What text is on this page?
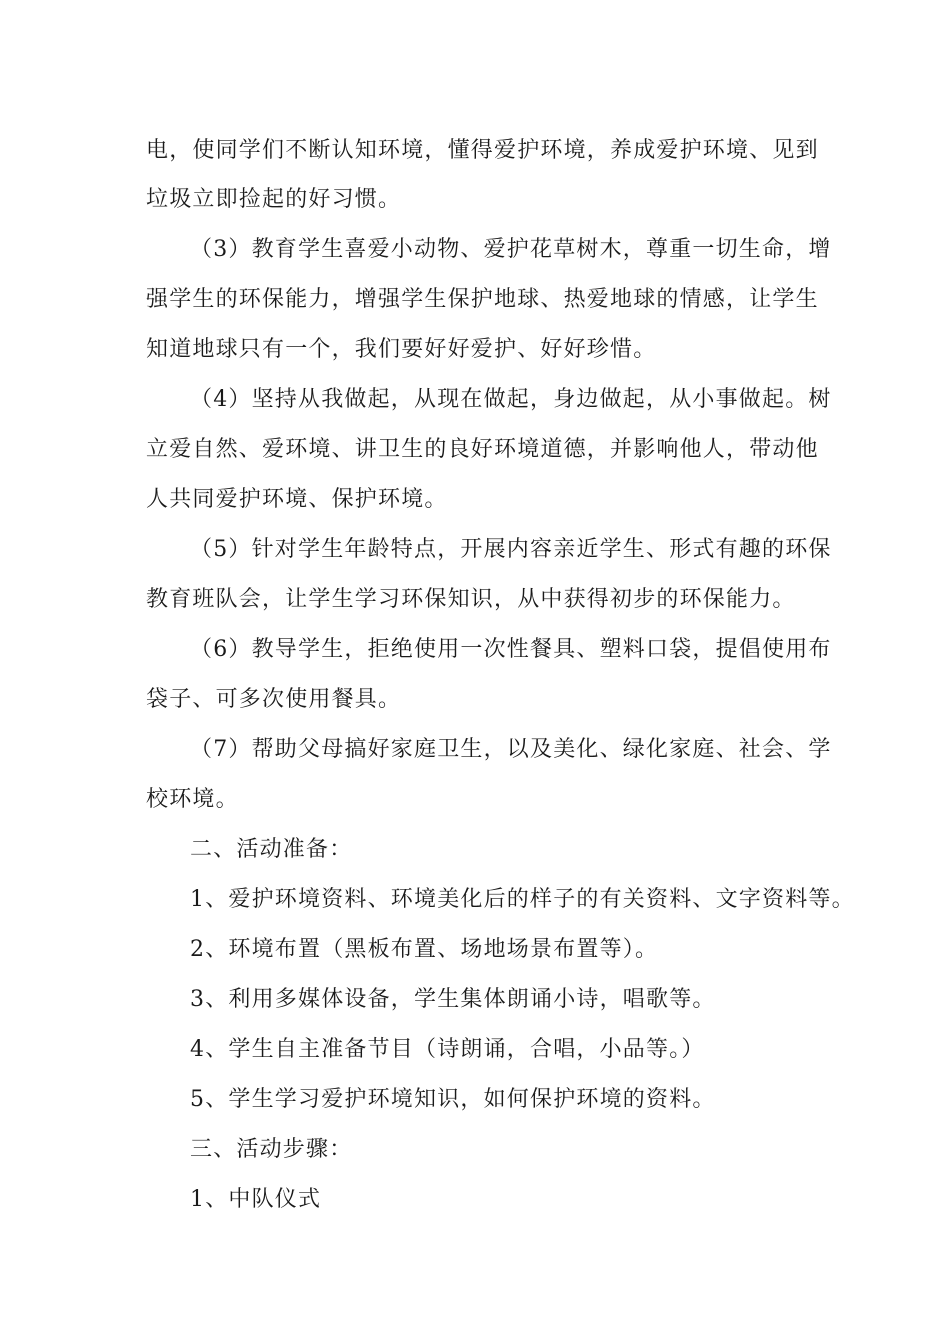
电，使同学们不断认知环境，懂得爱护环境，养成爱护环境、见到
垃圾立即捡起的好习惯。
（3）教育学生喜爱小动物、爱护花草树木，尊重一切生命，增
强学生的环保能力，增强学生保护地球、热爱地球的情感，让学生
知道地球只有一个，我们要好好爱护、好好珍惜。
（4）坚持从我做起，从现在做起，身边做起，从小事做起。树
立爱自然、爱环境、讲卫生的良好环境道德，并影响他人，带动他
人共同爱护环境、保护环境。
（5）针对学生年龄特点，开展内容亲近学生、形式有趣的环保
教育班队会，让学生学习环保知识，从中获得初步的环保能力。
（6）教导学生，拒绝使用一次性餐具、塑料口袋，提倡使用布
袋子、可多次使用餐具。
（7）帮助父母搞好家庭卫生，以及美化、绿化家庭、社会、学
校环境。
二、活动准备：
1、爱护环境资料、环境美化后的样子的有关资料、文字资料等。
2、环境布置（黑板布置、场地场景布置等）。
3、利用多媒体设备，学生集体朗诵小诗，唱歌等。
4、学生自主准备节目（诗朗诵，合唱，小品等。）
5、学生学习爱护环境知识，如何保护环境的资料。
三、活动步骤：
1、中队仪式
